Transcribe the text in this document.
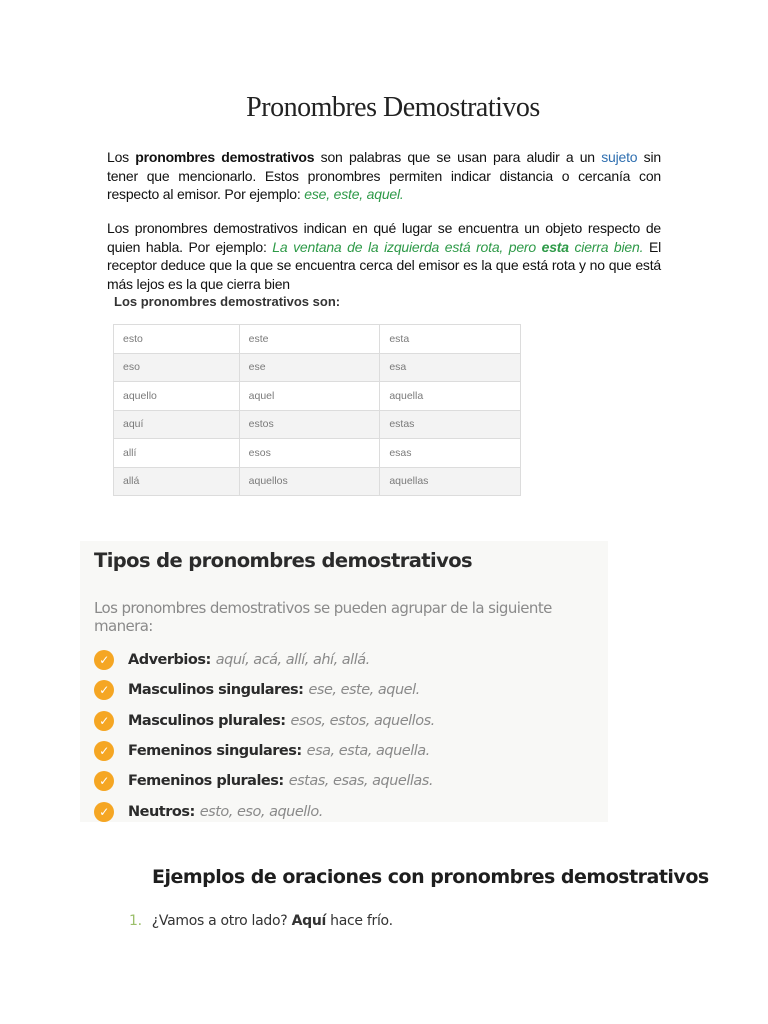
Pronombres Demostrativos
Los pronombres demostrativos son palabras que se usan para aludir a un sujeto sin tener que mencionarlo. Estos pronombres permiten indicar distancia o cercanía con respecto al emisor. Por ejemplo: ese, este, aquel.
Los pronombres demostrativos indican en qué lugar se encuentra un objeto respecto de quien habla. Por ejemplo: La ventana de la izquierda está rota, pero esta cierra bien. El receptor deduce que la que se encuentra cerca del emisor es la que está rota y no que está más lejos es la que cierra bien
Los pronombres demostrativos son:
esto	este	esta
eso	ese	esa
aquello	aquel	aquella
aquí	estos	estas
allí	esos	esas
allá	aquellos	aquellas
Tipos de pronombres demostrativos
Los pronombres demostrativos se pueden agrupar de la siguiente manera:
✓	Adverbios: aquí, acá, allí, ahí, allá.
✓	Masculinos singulares: ese, este, aquel.
✓	Masculinos plurales: esos, estos, aquellos.
✓	Femeninos singulares: esa, esta, aquella.
✓	Femeninos plurales: estas, esas, aquellas.
✓	Neutros: esto, eso, aquello.
Ejemplos de oraciones con pronombres demostrativos
1. ¿Vamos a otro lado? Aquí hace frío.
